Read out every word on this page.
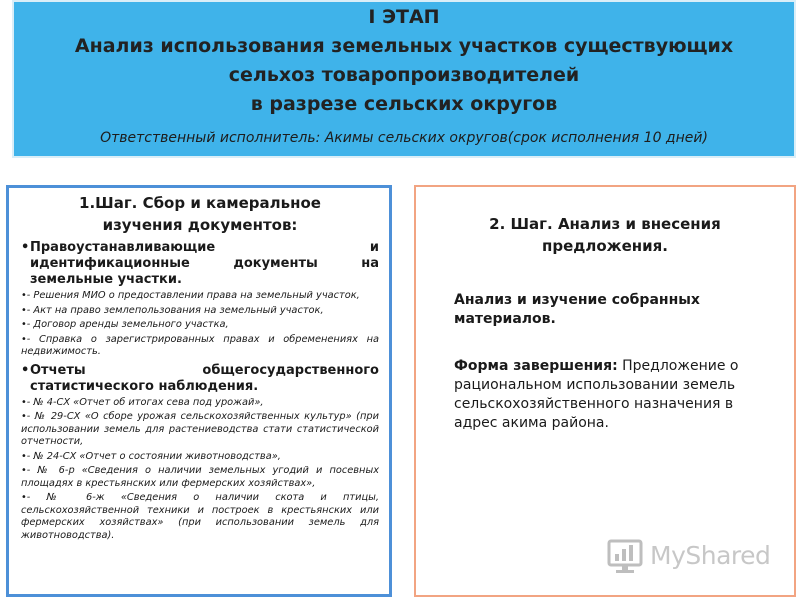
I ЭТАП
Анализ использования земельных участков существующих
сельхоз товаропроизводителей
в разрезе сельских округов
Ответственный исполнитель: Акимы сельских округов(срок исполнения 10 дней)
1.Шаг. Сбор и камеральное
изучения документов:
• Правоустанавливающие и идентификационные документы на земельные участки.
•- Решения МИО о предоставлении права на земельный участок,
•- Акт на право землепользования на земельный участок,
•- Договор аренды земельного участка,
•- Справка о зарегистрированных правах и обременениях на недвижимость.
• Отчеты общегосударственного статистического наблюдения.
•- № 4-СХ «Отчет об итогах сева под урожай»,
•- № 29-СХ «О сборе урожая сельскохозяйственных культур» (при использовании земель для растениеводства стати статистической отчетности,
•- № 24-СХ «Отчет о состоянии животноводства»,
•- № 6-р «Сведения о наличии земельных угодий и посевных площадях в крестьянских или фермерских хозяйствах»,
•- № 6-ж «Сведения о наличии скота и птицы, сельскохозяйственной техники и построек в крестьянских или фермерских хозяйствах» (при использовании земель для животноводства).
2. Шаг. Анализ и внесения
предложения.
Анализ и изучение собранных материалов.
Форма завершения: Предложение о рациональном использовании земель сельскохозяйственного назначения в адрес акима района.
MyShared
